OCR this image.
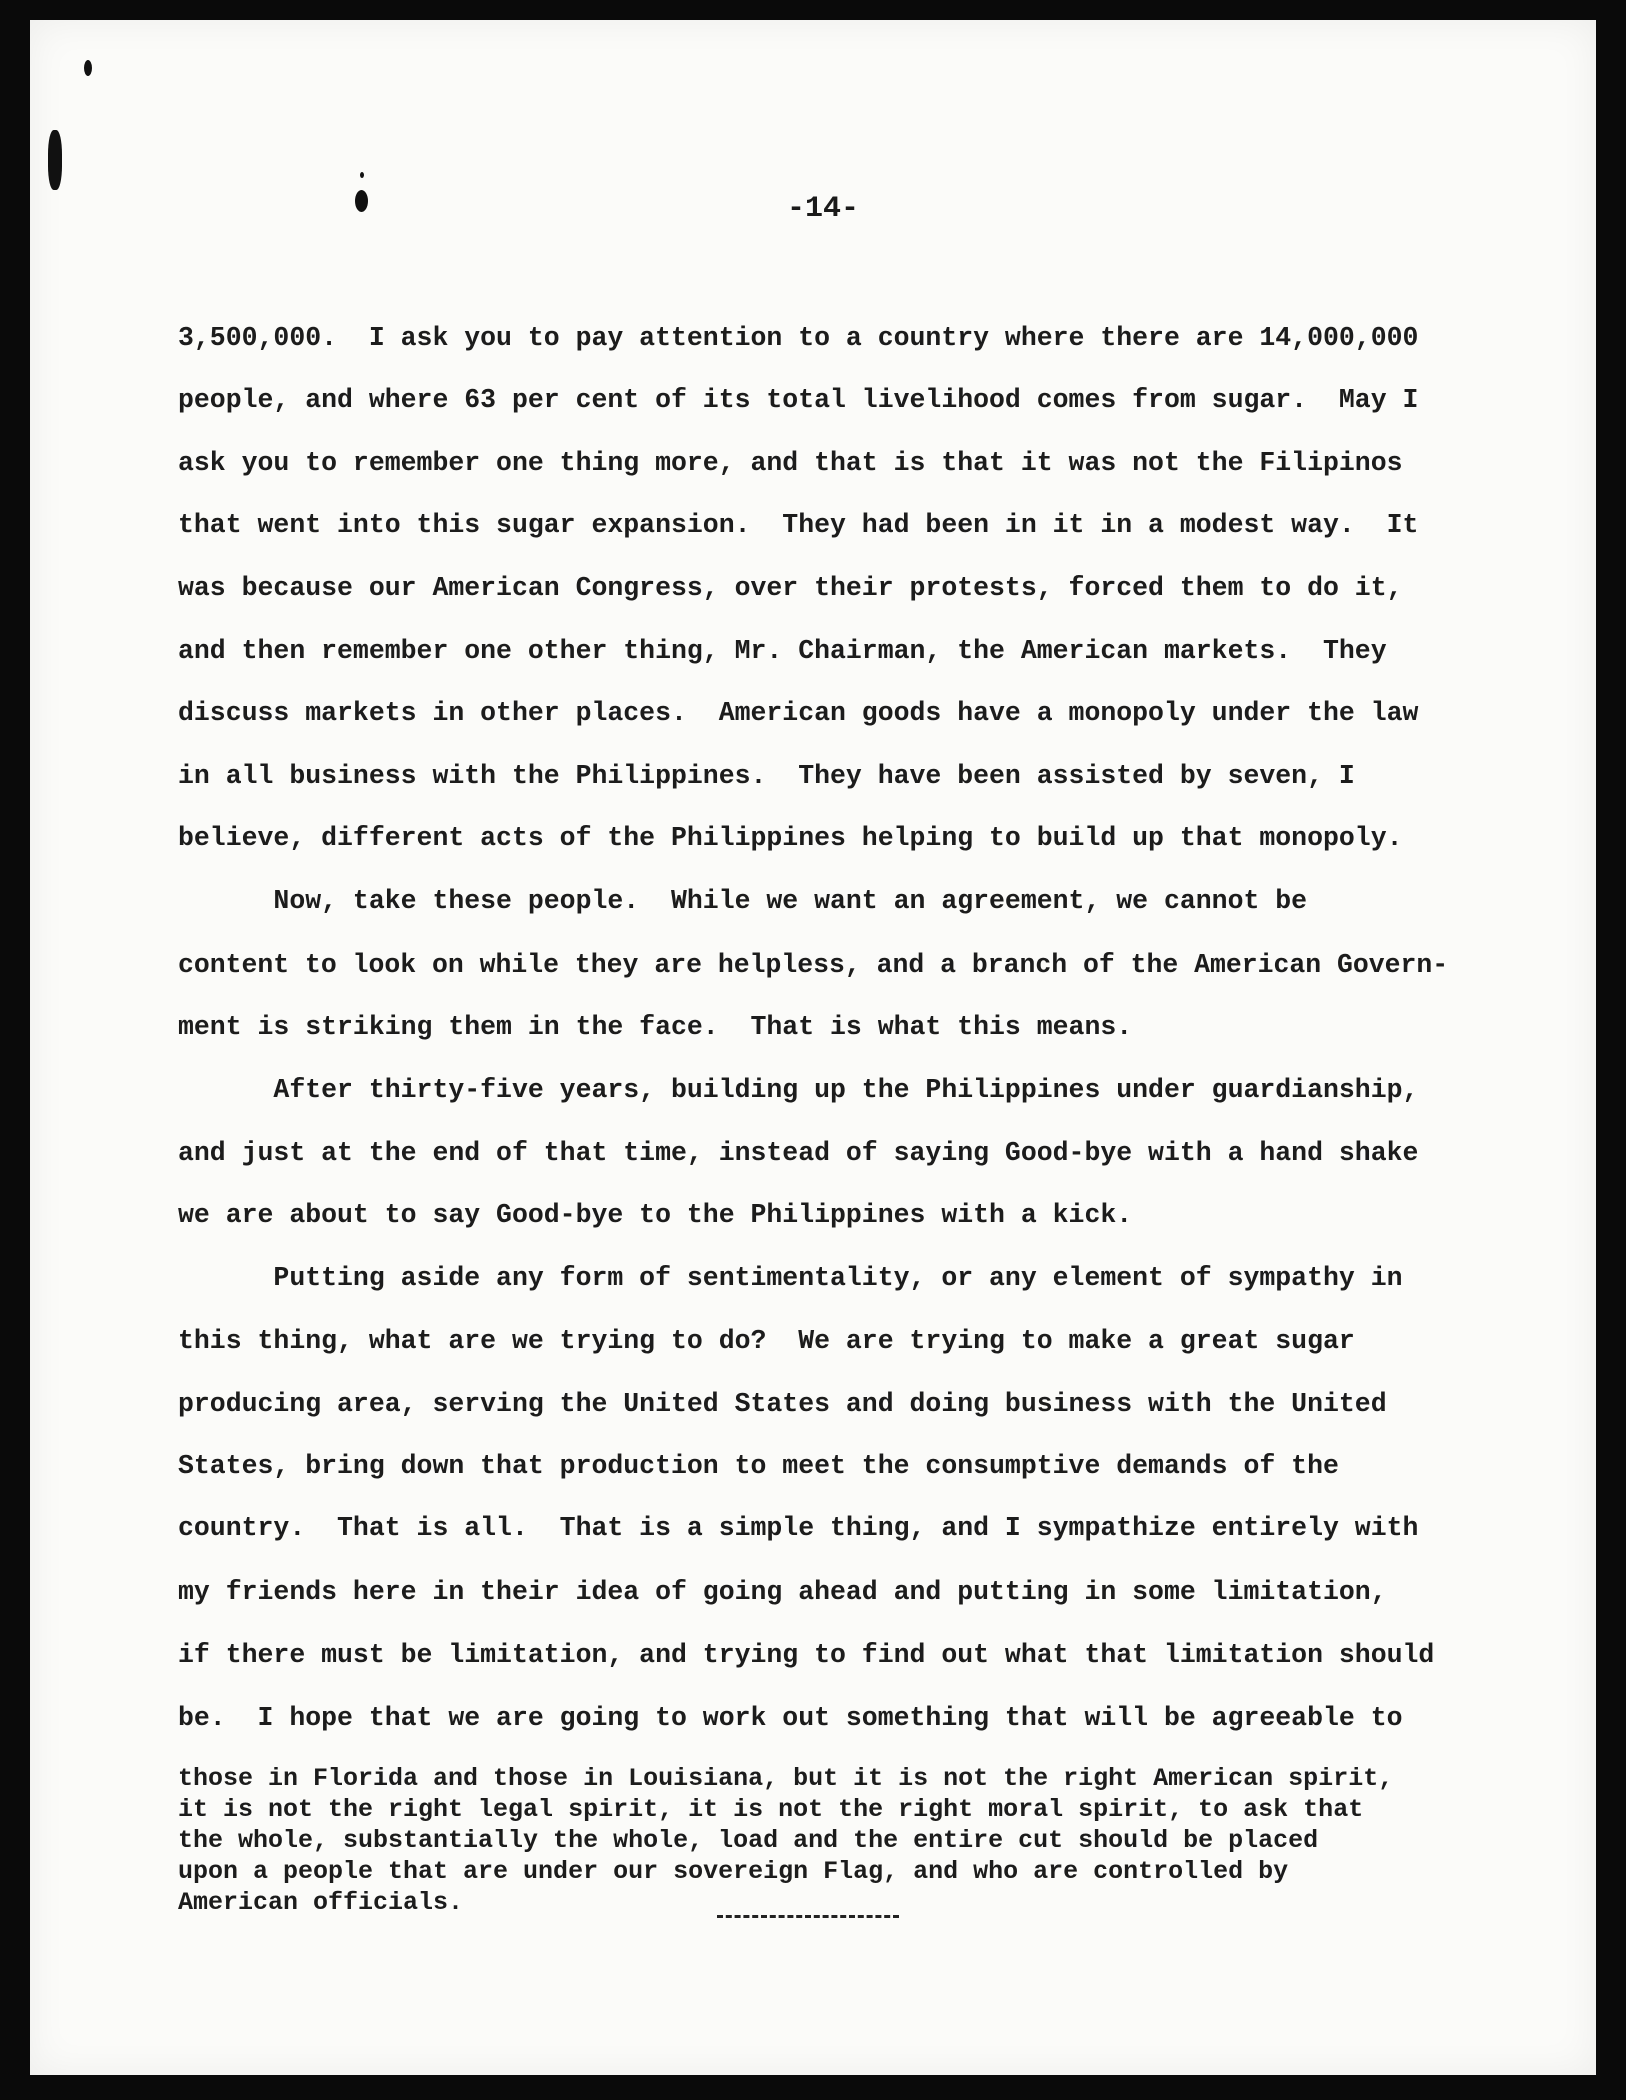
-14-
3,500,000.  I ask you to pay attention to a country where there are 14,000,000
people, and where 63 per cent of its total livelihood comes from sugar.  May I
ask you to remember one thing more, and that is that it was not the Filipinos
that went into this sugar expansion.  They had been in it in a modest way.  It
was because our American Congress, over their protests, forced them to do it,
and then remember one other thing, Mr. Chairman, the American markets.  They
discuss markets in other places.  American goods have a monopoly under the law
in all business with the Philippines.  They have been assisted by seven, I
believe, different acts of the Philippines helping to build up that monopoly.
Now, take these people.  While we want an agreement, we cannot be
content to look on while they are helpless, and a branch of the American Govern-
ment is striking them in the face.  That is what this means.
After thirty-five years, building up the Philippines under guardianship,
and just at the end of that time, instead of saying Good-bye with a hand shake
we are about to say Good-bye to the Philippines with a kick.
Putting aside any form of sentimentality, or any element of sympathy in
this thing, what are we trying to do?  We are trying to make a great sugar
producing area, serving the United States and doing business with the United
States, bring down that production to meet the consumptive demands of the
country.  That is all.  That is a simple thing, and I sympathize entirely with
my friends here in their idea of going ahead and putting in some limitation,
if there must be limitation, and trying to find out what that limitation should
be.  I hope that we are going to work out something that will be agreeable to
those in Florida and those in Louisiana, but it is not the right American spirit,
it is not the right legal spirit, it is not the right moral spirit, to ask that
the whole, substantially the whole, load and the entire cut should be placed
upon a people that are under our sovereign Flag, and who are controlled by
American officials.
